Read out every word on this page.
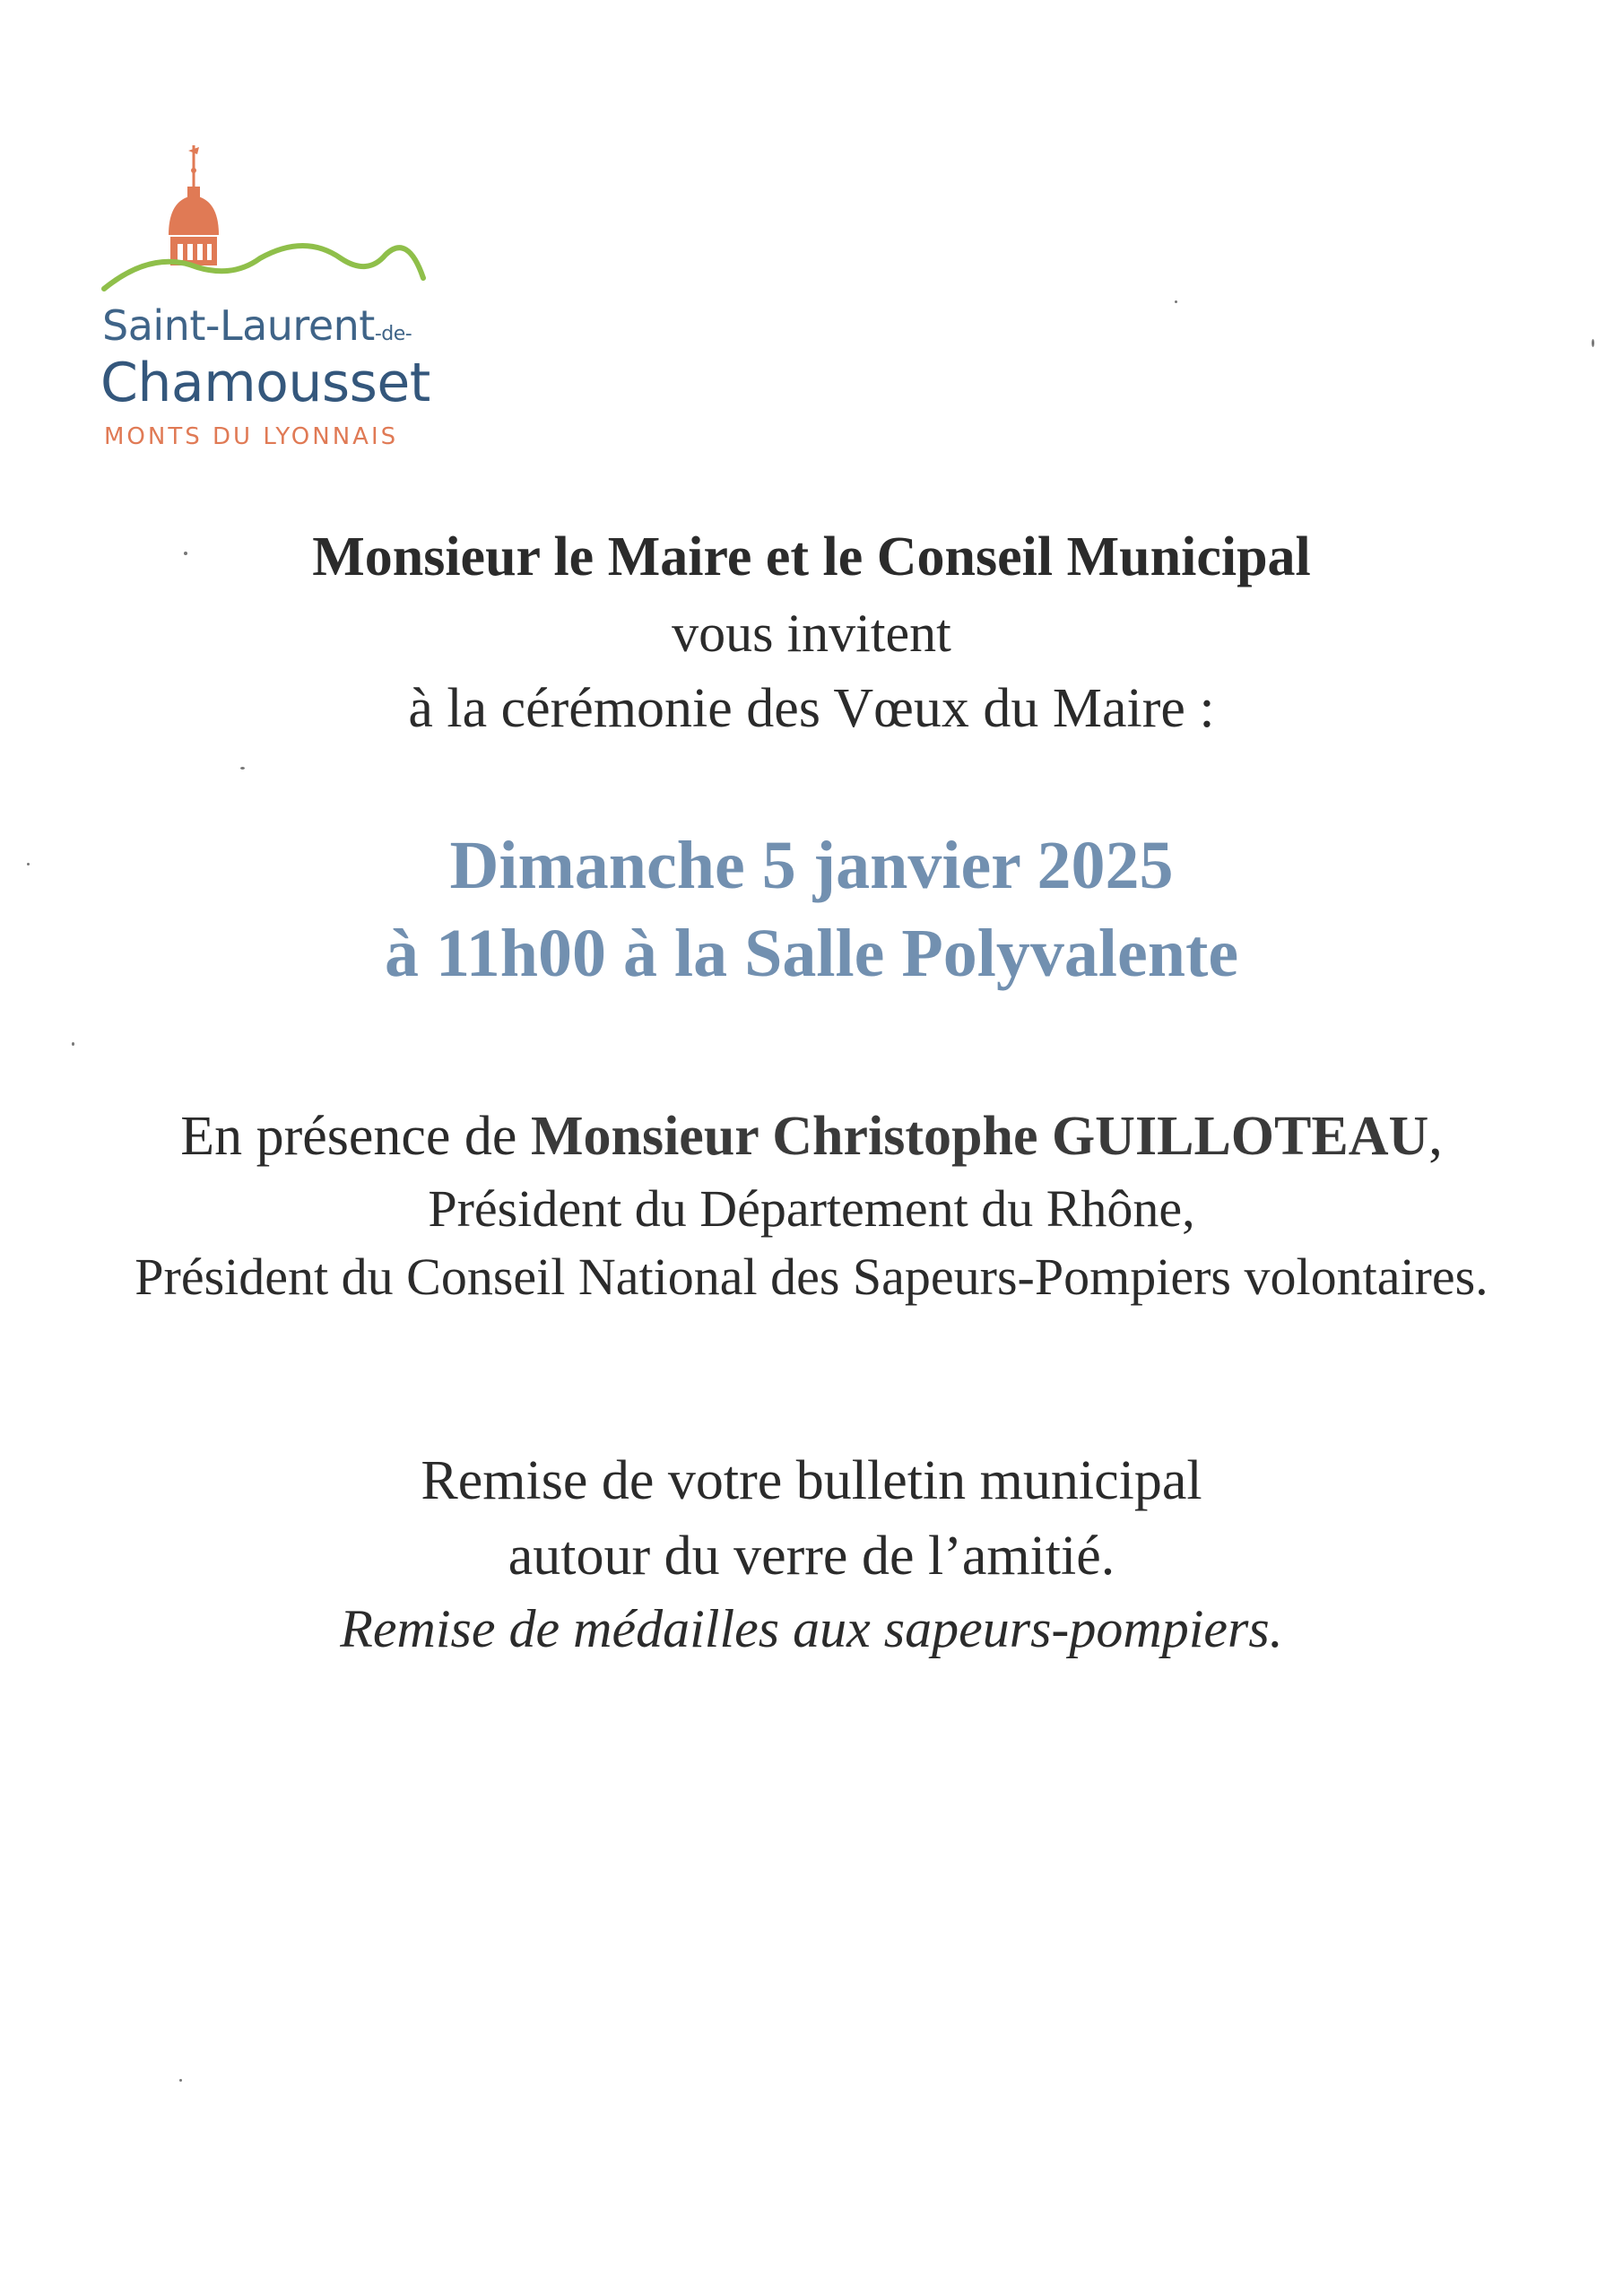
Saint-Laurent-de-
Chamousset
MONTS DU LYONNAIS
Monsieur le Maire et le Conseil Municipal
vous invitent
à la cérémonie des Vœux du Maire :
Dimanche 5 janvier 2025
à 11h00 à la Salle Polyvalente
En présence de Monsieur Christophe GUILLOTEAU,
Président du Département du Rhône,
Président du Conseil National des Sapeurs-Pompiers volontaires.
Remise de votre bulletin municipal
autour du verre de l’amitié.
Remise de médailles aux sapeurs-pompiers.
